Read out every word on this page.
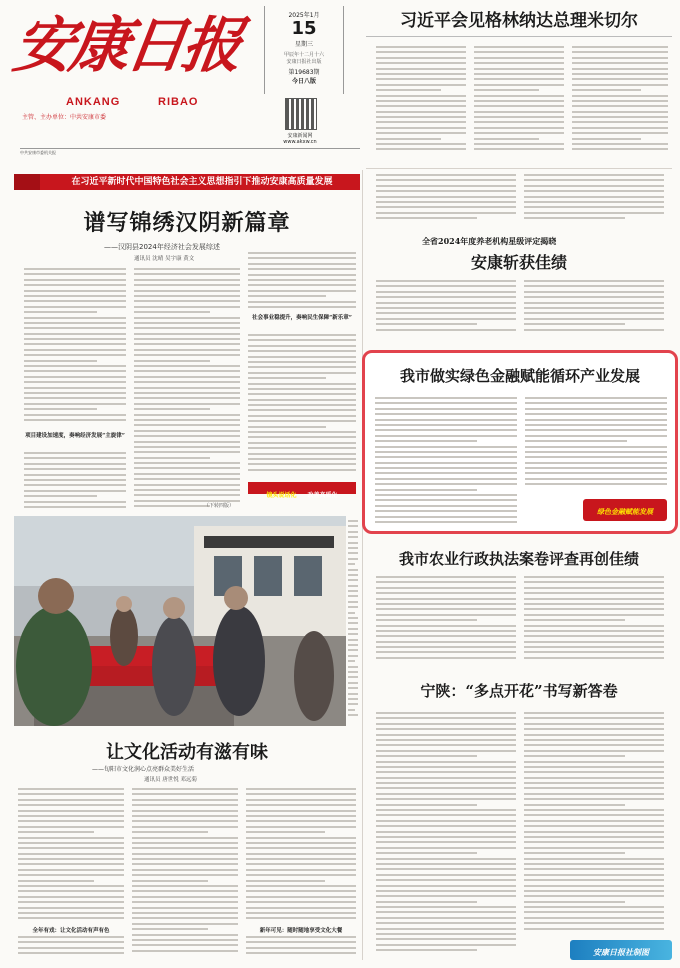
安康日报
ANKANG	RIBAO
主管、主办单位：中共安康市委
2025年1月
15
星期三
甲辰年十二月十六
安康日报社出版
第19683期
今日八版
安康新闻网
www.akxw.cn
中共安康市委机关报
习近平会见格林纳达总理米切尔
在习近平新时代中国特色社会主义思想指引下推动安康高质量发展
谱写锦绣汉阴新篇章
——汉阴县2024年经济社会发展综述
通讯员 沈晴 吴宇康 黄文
项目建设加速度，奏响经济发展“主旋律”
（下转四版）
社会事业稳提升，奏响民生保障“新乐章”
镜头说话化 改善高质化
让文化活动有滋有味
——旬阳市文化润心点亮群众美好生活
通讯员 唐世悦 邓远菊
全年有戏：让文化活动有声有色	新年可见：随时随地享受文化大餐
全省2024年度养老机构星级评定揭晓
安康斩获佳绩
我市做实绿色金融赋能循环产业发展
绿色金融赋能发展
我市农业行政执法案卷评查再创佳绩
宁陕：“多点开花”书写新答卷
安康日报社制图
